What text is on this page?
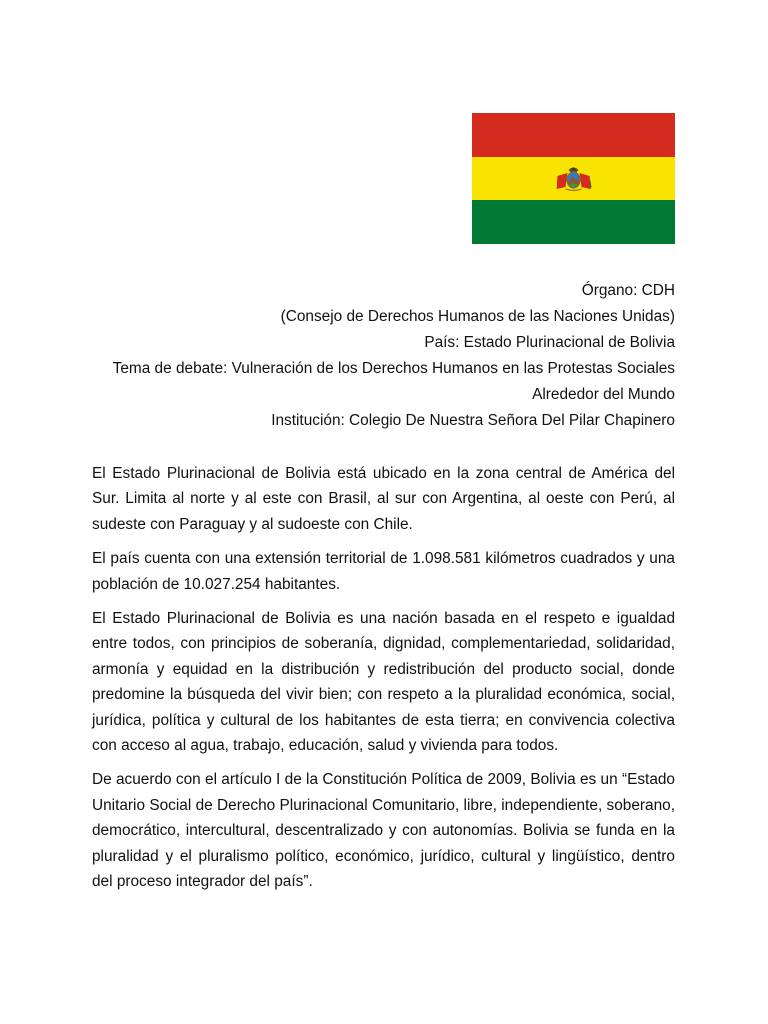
Órgano: CDH
(Consejo de Derechos Humanos de las Naciones Unidas)
País: Estado Plurinacional de Bolivia
Tema de debate: Vulneración de los Derechos Humanos en las Protestas Sociales
Alrededor del Mundo
Institución: Colegio De Nuestra Señora Del Pilar Chapinero

El Estado Plurinacional de Bolivia está ubicado en la zona central de América del Sur. Limita al norte y al este con Brasil, al sur con Argentina, al oeste con Perú, al sudeste con Paraguay y al sudoeste con Chile.

El país cuenta con una extensión territorial de 1.098.581 kilómetros cuadrados y una población de 10.027.254 habitantes.

El Estado Plurinacional de Bolivia es una nación basada en el respeto e igualdad entre todos, con principios de soberanía, dignidad, complementariedad, solidaridad, armonía y equidad en la distribución y redistribución del producto social, donde predomine la búsqueda del vivir bien; con respeto a la pluralidad económica, social, jurídica, política y cultural de los habitantes de esta tierra; en convivencia colectiva con acceso al agua, trabajo, educación, salud y vivienda para todos.

De acuerdo con el artículo I de la Constitución Política de 2009, Bolivia es un “Estado Unitario Social de Derecho Plurinacional Comunitario, libre, independiente, soberano, democrático, intercultural, descentralizado y con autonomías. Bolivia se funda en la pluralidad y el pluralismo político, económico, jurídico, cultural y lingüístico, dentro del proceso integrador del país”.
